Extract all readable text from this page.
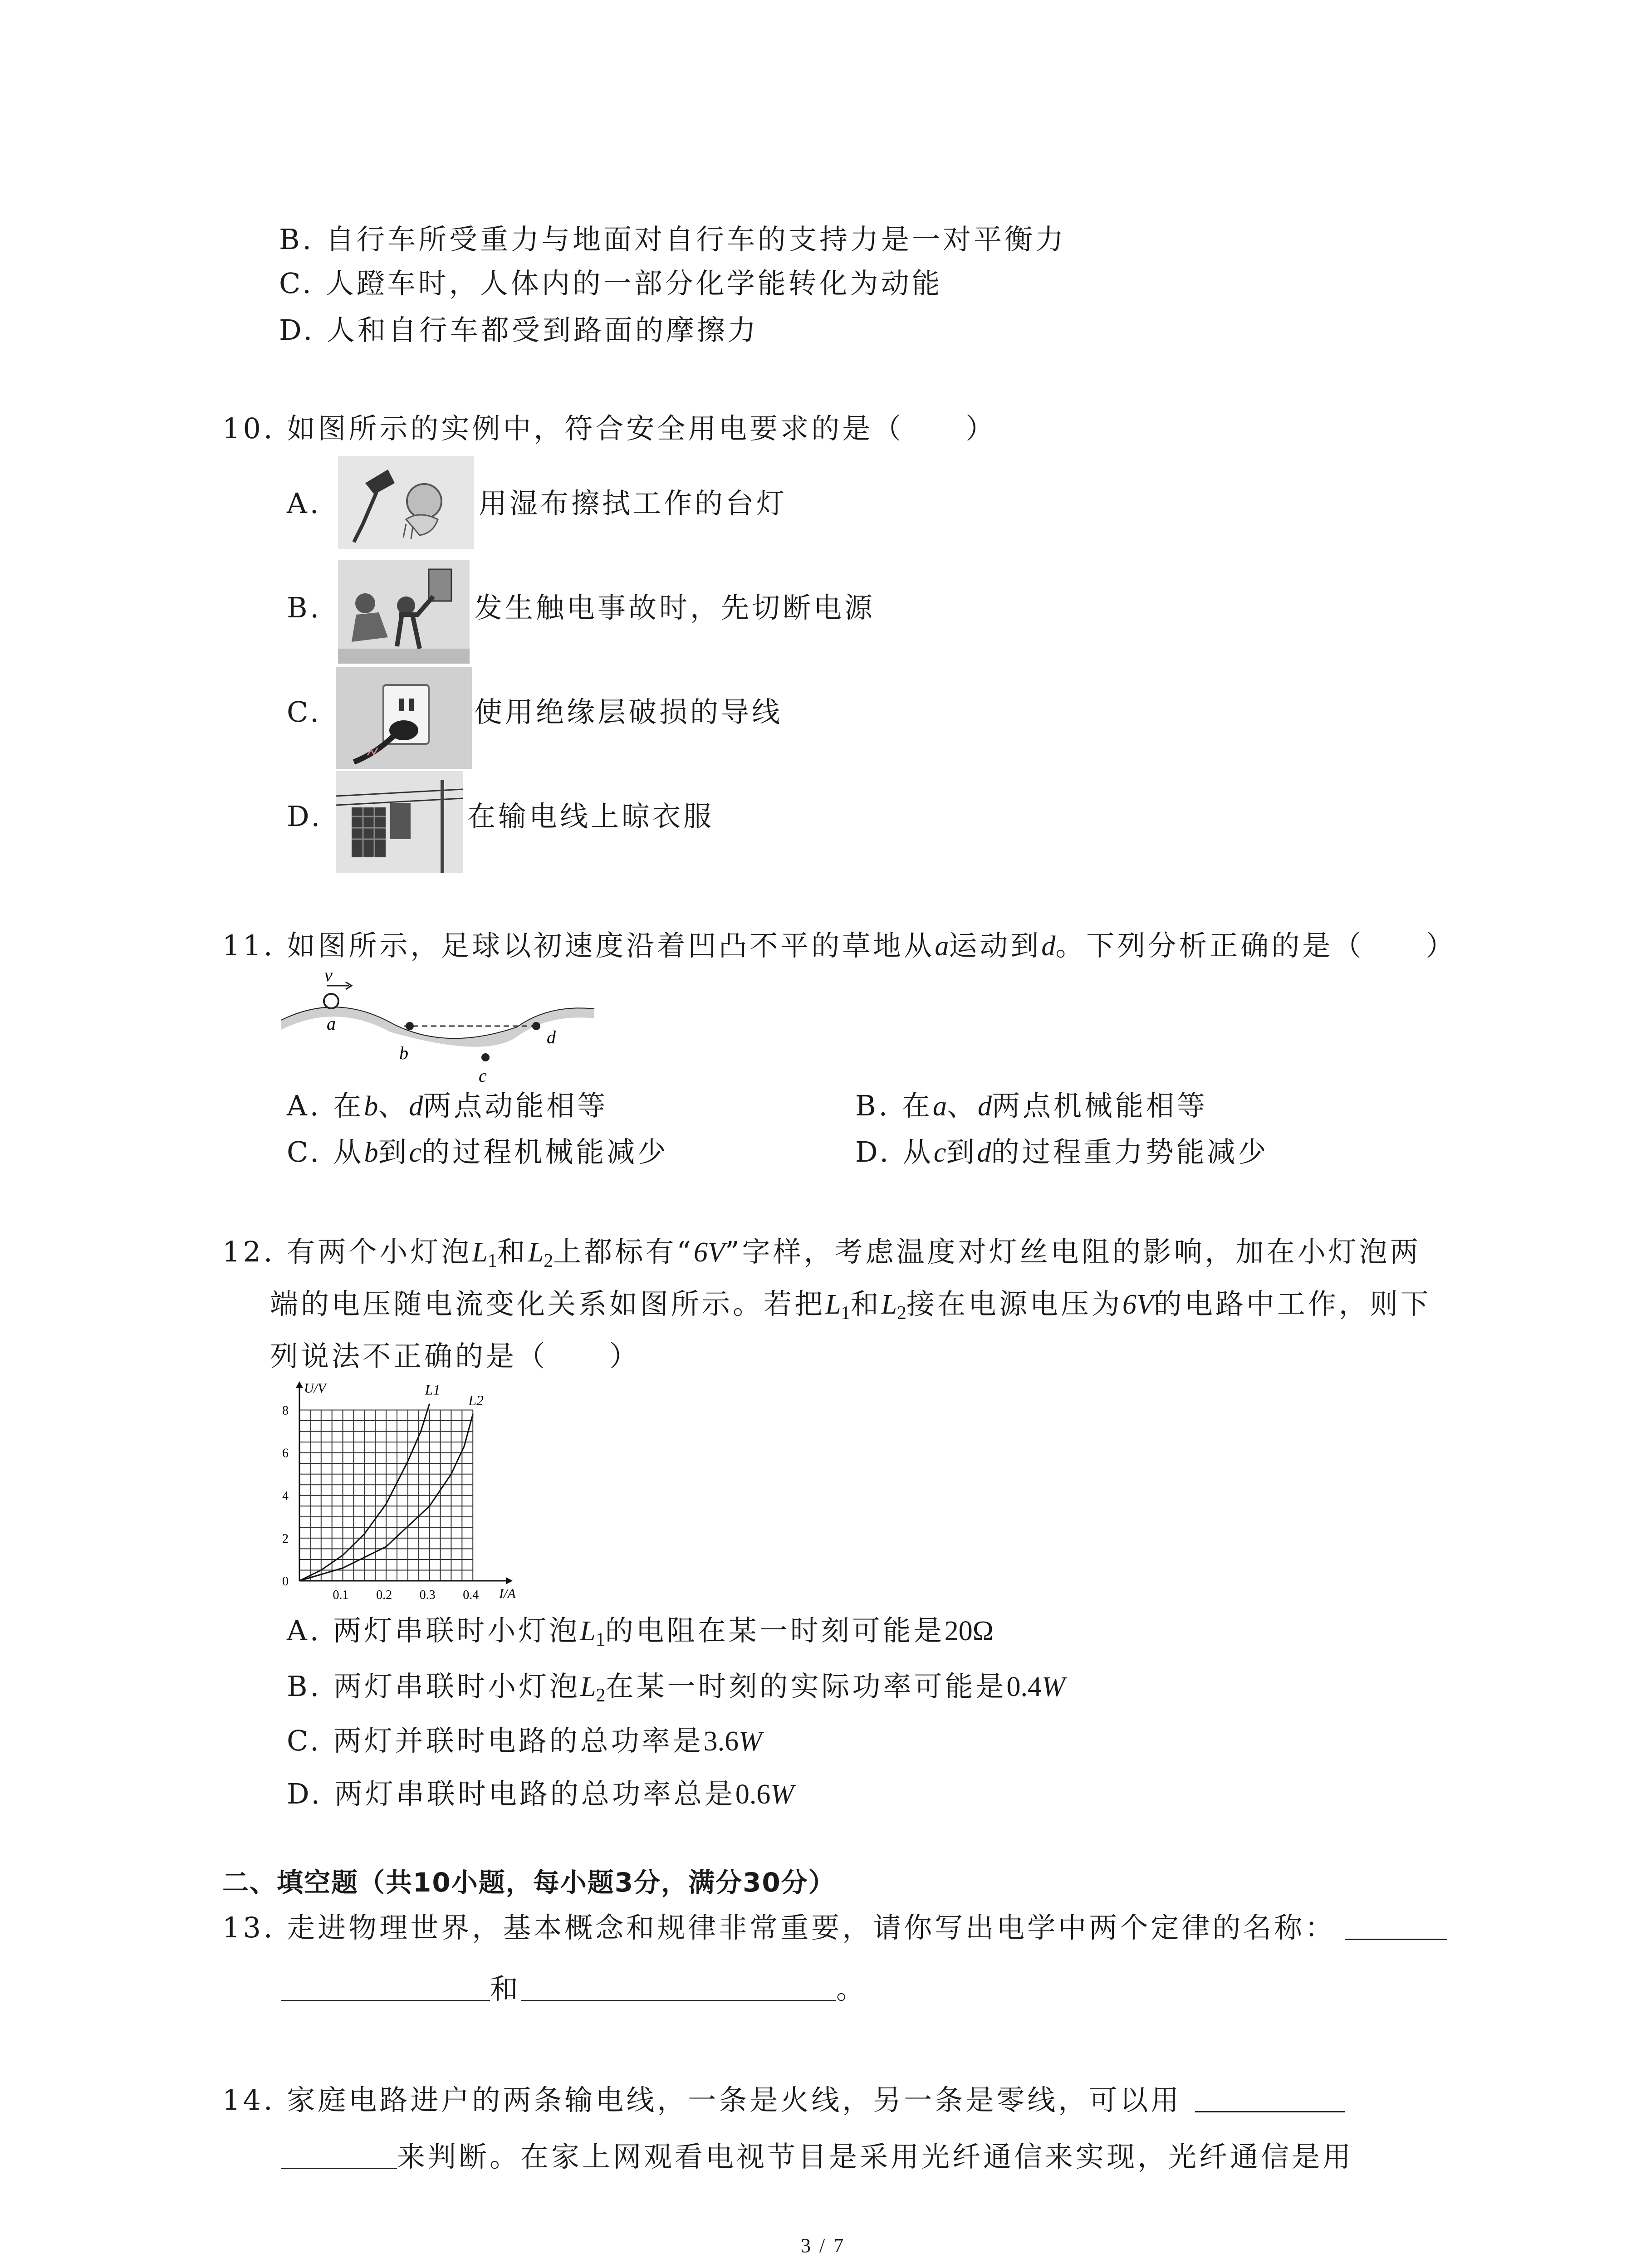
B. 自行车所受重力与地面对自行车的支持力是一对平衡力
C. 人蹬车时，人体内的一部分化学能转化为动能
D. 人和自行车都受到路面的摩擦力
10. 如图所示的实例中，符合安全用电要求的是（　　）
A.	用湿布擦拭工作的台灯
B.	发生触电事故时，先切断电源
C.	使用绝缘层破损的导线
D.	在输电线上晾衣服
11. 如图所示，足球以初速度沿着凹凸不平的草地从a运动到d。下列分析正确的是（　　）
v
a
b
c
d
A. 在b、d两点动能相等	B. 在a、d两点机械能相等
C. 从b到c的过程机械能减少	D. 从c到d的过程重力势能减少
12. 有两个小灯泡$L_1$和$L_2$上都标有“6V”字样，考虑温度对灯丝电阻的影响，加在小灯泡两
端的电压随电流变化关系如图所示。若把$L_1$和$L_2$接在电源电压为6V的电路中工作，则下
列说法不正确的是（　　）
L1
L2
0.1 0.2 0.3 0.4
0
2
4
6
8
I/A
U/V
A. 两灯串联时小灯泡$L_1$的电阻在某一时刻可能是20Ω
B. 两灯串联时小灯泡$L_2$在某一时刻的实际功率可能是0.4W
C. 两灯并联时电路的总功率是3.6W
D. 两灯串联时电路的总功率总是0.6W
二、填空题（共10小题，每小题3分，满分30分）
13. 走进物理世界，基本概念和规律非常重要，请你写出电学中两个定律的名称：
和	。
14. 家庭电路进户的两条输电线，一条是火线，另一条是零线，可以用
来判断。在家上网观看电视节目是采用光纤通信来实现，光纤通信是用
3 / 7
